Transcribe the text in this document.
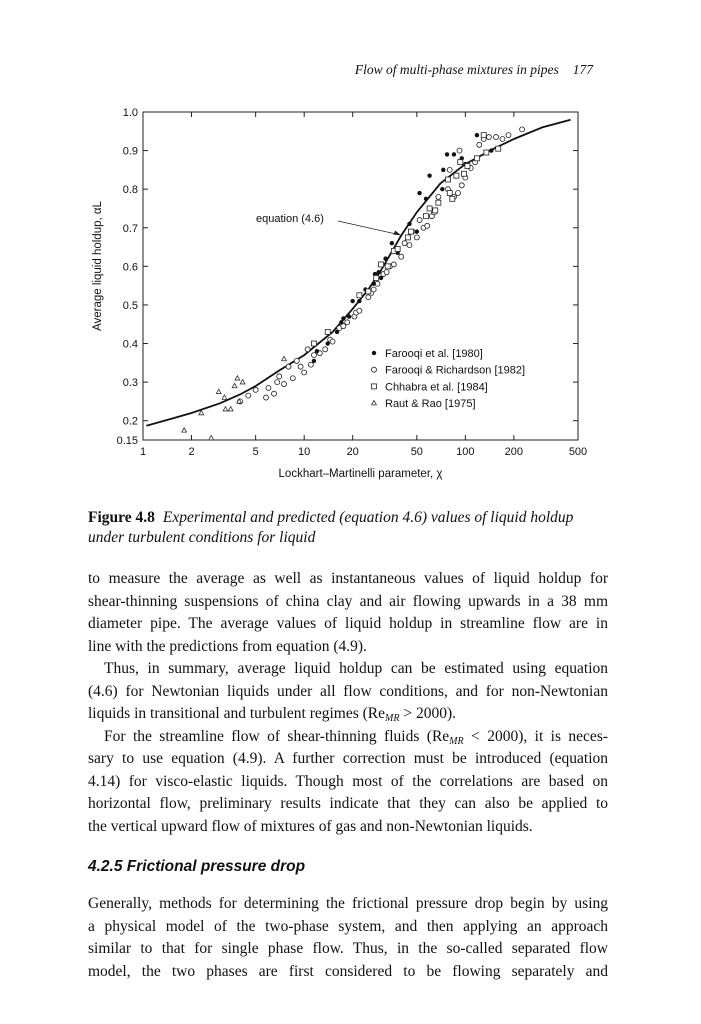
Flow of multi-phase mixtures in pipes 177
1	2	5	10	20	50	100	200	500
0.15
0.2
0.3
0.4
0.5
0.6
0.7
0.8
0.9
1.0
Lockhart–Martinelli parameter, χ
Average liquid holdup, αL	equation (4.6)
Farooqi et al. [1980]
Farooqi & Richardson [1982]
Chhabra et al. [1984]
Raut & Rao [1975]
Figure 4.8 Experimental and predicted (equation 4.6) values of liquid holdup under turbulent conditions for liquid
to measure the average as well as instantaneous values of liquid holdup for
shear-thinning suspensions of china clay and air flowing upwards in a 38 mm
diameter pipe. The average values of liquid holdup in streamline flow are in
line with the predictions from equation (4.9).
Thus, in summary, average liquid holdup can be estimated using equation
(4.6) for Newtonian liquids under all flow conditions, and for non-Newtonian
liquids in transitional and turbulent regimes $(Re_{MR} > 2000)$.
For the streamline flow of shear-thinning fluids $(Re_{MR} < 2000)$, it is neces-
sary to use equation (4.9). A further correction must be introduced (equation
4.14) for visco-elastic liquids. Though most of the correlations are based on
horizontal flow, preliminary results indicate that they can also be applied to
the vertical upward flow of mixtures of gas and non-Newtonian liquids.
4.2.5 Frictional pressure drop
Generally, methods for determining the frictional pressure drop begin by using
a physical model of the two-phase system, and then applying an approach
similar to that for single phase flow. Thus, in the so-called separated flow
model, the two phases are first considered to be flowing separately and
